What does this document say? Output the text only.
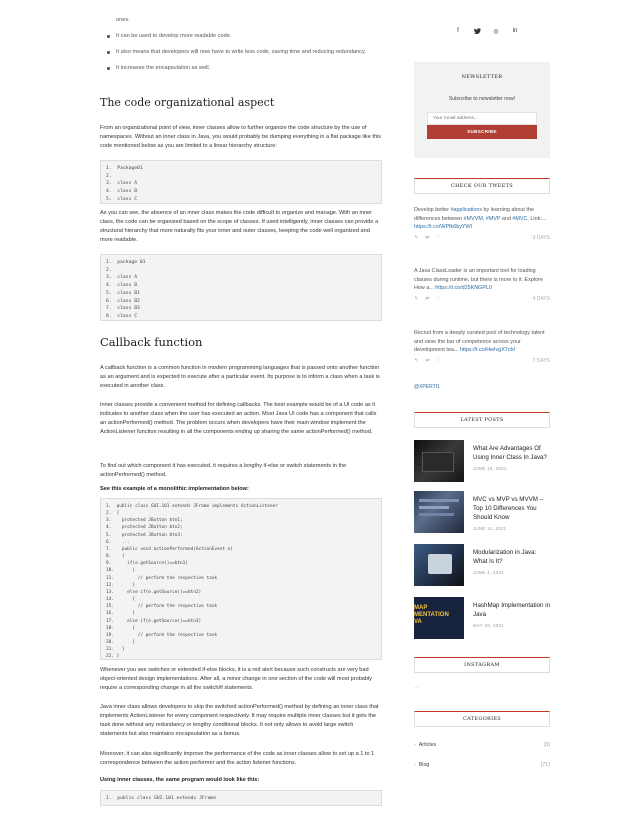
f	◎	in
ones.
It can be used to develop more readable code.
It also means that developers will now have to write less code, saving time and reducing redundancy.
It increases the encapsulation as well.
The code organizational aspect

From an organizational point of view, inner classes allow to further organize the code structure by the use of namespaces. Without an inner class in Java, you would probably be dumping everything in a flat package like this code mentioned below as you are limited to a linear hierarchy structure:

1.  Package01
2.
3.  class A
4.  class B
5.  class C

As you can see, the absence of an inner class makes the code difficult to organize and manage. With an inner class, the code can be organized based on the scope of classes. If used intelligently, inner classes can provide a structural hierarchy that more naturally fits your inner and outer classes, keeping the code well organized and more readable.

1.  package 01
2.
3.  class A
4.  class B
5.  class B1
6.  class B2
7.  class B3
8.  class C
Callback function

A callback function is a common function in modern programming languages that is passed onto another function as an argument and is expected to execute after a particular event. Its purpose is to inform a class when a task is executed in another class.

Inner classes provide a convenient method for defining callbacks. The best example would be of a UI code as it indicates to another class when the user has executed an action. Most Java UI code has a component that calls an actionPerformed() method. The problem occurs when developers have their main window implement the ActionListener function resulting in all the components ending up sharing the same actionPerformed() method.

To find out which component it has executed, it requires a lengthy if-else or switch statements in the actionPerformed() method.

See this example of a monolithic implementation below:

1.  public class GUI.101 extends JFrame implements ActionListener
2.  {
3.    protected JButton btn1;
4.    protected JButton btn2;
5.    protected JButton btn3;
6.    ...
7.    public void actionPerformed(ActionEvent e)
8.    {
9.      if(e.getSource()==btn1)
10.       {
11.         // perform the respective task
12.       }
13.     else if(e.getSource()==btn2)
14.       {
15.         // perform the respective task
16.       }
17.     else if(e.getSource()==btn3)
18.       {
19.         // perform the respective task
20.       }
21.   }
22. }

Whenever you see switches or extended if-else blocks, it is a red alert because such constructs are very bad object-oriented design implementations. After all, a minor change in one section of the code will most probably require a corresponding change in all the switch/if statements.

Java inner class allows developers to skip the switched actionPerformed() method by defining an inner class that implements ActionListener for every component respectively. It may require multiple inner classes but it gets the task done without any redundancy or lengthy conditional blocks. It not only allows to avoid large switch statements but also maintains encapsulation as a bonus.

Moreover, it can also significantly improve the performance of the code as inner classes allow to set up a 1 to 1 correspondence between the action performer and the action listener functions.

Using inner classes, the same program would look like this:

1.  public class GUI.101 extends JFrame
NEWSLETTER
Subscribe to newsletter now!
Your email address..
SUBSCRIBE
CHECK OUR TWEETS
Develop better #applications by learning about the differences between #MVVM, #MVP and #MVC. Link:... https://t.co/WPfk6byYWI
↰ ⇄ ♡	3 DAYS
A Java ClassLoader is an important tool for loading classes during runtime, but there is more to it. Explore How a... https://t.co/d25KNGPL0
↰ ⇄ ♡	4 DAYS
Recruit from a deeply curated pool of technology talent and raise the bar of competence across your development tea... https://t.co/HwIvgX7cbI
↰ ⇄ ♡	7 DAYS
@XPERTI1
LATEST POSTS
What Are Advantages Of Using Inner Class In Java?
JUNE 16, 2021
MVC vs MVP vs MVVM – Top 10 Differences You Should Know
JUNE 11, 2021
Modularization in Java: What Is It?
JUNE 4, 2021
MAP
MENTATION
VA
HashMap Implementation in Java
MAY 28, 2021
INSTAGRAM
...
CATEGORIES
› Articles	(3)
› Blog	(71)
